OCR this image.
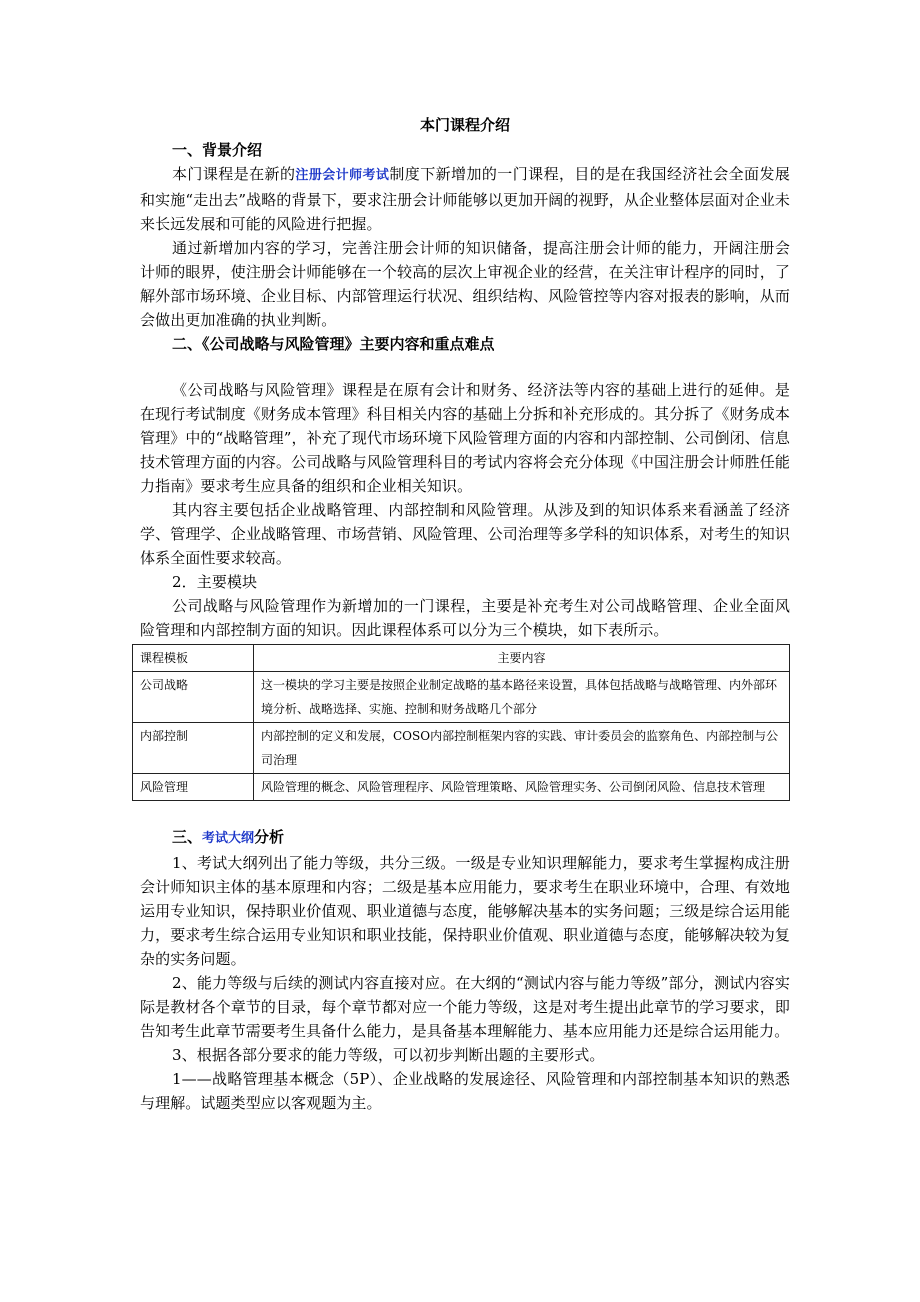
本门课程介绍
一、背景介绍

本门课程是在新的注册会计师考试制度下新增加的一门课程，目的是在我国经济社会全面发展和实施“走出去”战略的背景下，要求注册会计师能够以更加开阔的视野，从企业整体层面对企业未来长远发展和可能的风险进行把握。

通过新增加内容的学习，完善注册会计师的知识储备，提高注册会计师的能力，开阔注册会计师的眼界，使注册会计师能够在一个较高的层次上审视企业的经营，在关注审计程序的同时，了解外部市场环境、企业目标、内部管理运行状况、组织结构、风险管控等内容对报表的影响，从而会做出更加准确的执业判断。

二、《公司战略与风险管理》主要内容和重点难点

《公司战略与风险管理》课程是在原有会计和财务、经济法等内容的基础上进行的延伸。是在现行考试制度《财务成本管理》科目相关内容的基础上分拆和补充形成的。其分拆了《财务成本管理》中的“战略管理”，补充了现代市场环境下风险管理方面的内容和内部控制、公司倒闭、信息技术管理方面的内容。公司战略与风险管理科目的考试内容将会充分体现《中国注册会计师胜任能力指南》要求考生应具备的组织和企业相关知识。

其内容主要包括企业战略管理、内部控制和风险管理。从涉及到的知识体系来看涵盖了经济学、管理学、企业战略管理、市场营销、风险管理、公司治理等多学科的知识体系，对考生的知识体系全面性要求较高。

2．主要模块

公司战略与风险管理作为新增加的一门课程，主要是补充考生对公司战略管理、企业全面风险管理和内部控制方面的知识。因此课程体系可以分为三个模块，如下表所示。

课程模板	主要内容
公司战略	这一模块的学习主要是按照企业制定战略的基本路径来设置，具体包括战略与战略管理、内外部环境分析、战略选择、实施、控制和财务战略几个部分
内部控制	内部控制的定义和发展，COSO内部控制框架内容的实践、审计委员会的监察角色、内部控制与公司治理
风险管理	风险管理的概念、风险管理程序、风险管理策略、风险管理实务、公司倒闭风险、信息技术管理
三、考试大纲分析

1、考试大纲列出了能力等级，共分三级。一级是专业知识理解能力，要求考生掌握构成注册会计师知识主体的基本原理和内容；二级是基本应用能力，要求考生在职业环境中，合理、有效地运用专业知识，保持职业价值观、职业道德与态度，能够解决基本的实务问题；三级是综合运用能力，要求考生综合运用专业知识和职业技能，保持职业价值观、职业道德与态度，能够解决较为复杂的实务问题。

2、能力等级与后续的测试内容直接对应。在大纲的“测试内容与能力等级”部分，测试内容实际是教材各个章节的目录，每个章节都对应一个能力等级，这是对考生提出此章节的学习要求，即告知考生此章节需要考生具备什么能力，是具备基本理解能力、基本应用能力还是综合运用能力。

3、根据各部分要求的能力等级，可以初步判断出题的主要形式。

1——战略管理基本概念（5P）、企业战略的发展途径、风险管理和内部控制基本知识的熟悉与理解。试题类型应以客观题为主。
